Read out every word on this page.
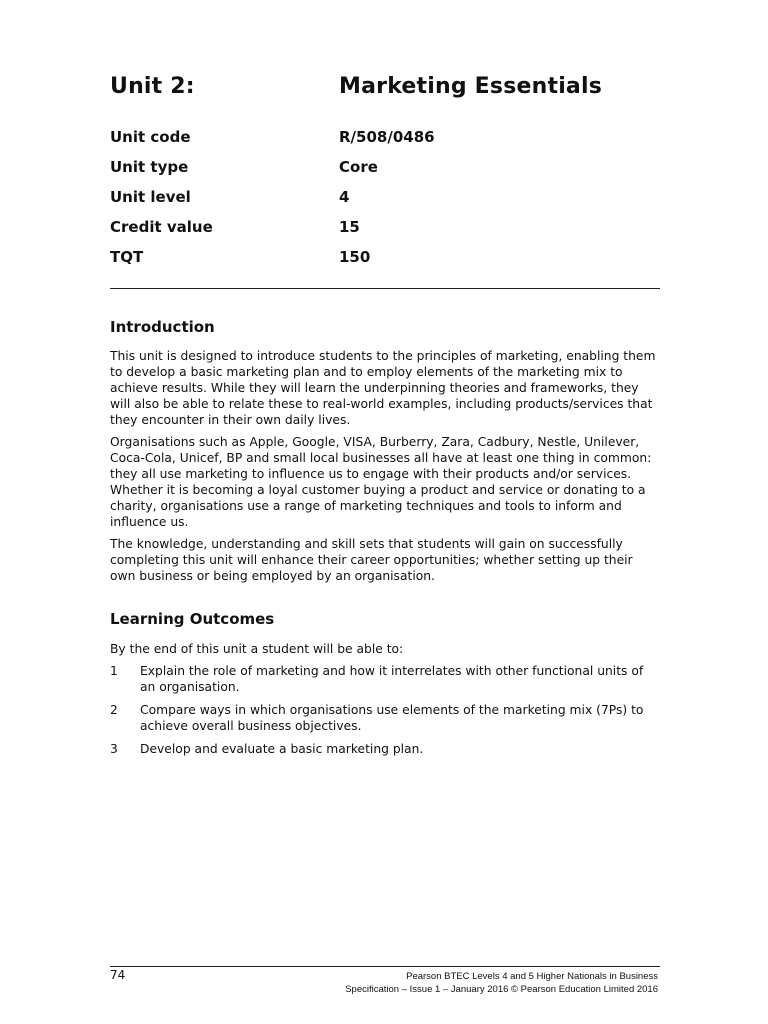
Unit 2:	Marketing Essentials
Unit code	R/508/0486
Unit type	Core
Unit level	4
Credit value	15
TQT	150
Introduction

This unit is designed to introduce students to the principles of marketing, enabling them to develop a basic marketing plan and to employ elements of the marketing mix to achieve results. While they will learn the underpinning theories and frameworks, they will also be able to relate these to real-world examples, including products/services that they encounter in their own daily lives.

Organisations such as Apple, Google, VISA, Burberry, Zara, Cadbury, Nestle, Unilever, Coca-Cola, Unicef, BP and small local businesses all have at least one thing in common: they all use marketing to influence us to engage with their products and/or services. Whether it is becoming a loyal customer buying a product and service or donating to a charity, organisations use a range of marketing techniques and tools to inform and influence us.

The knowledge, understanding and skill sets that students will gain on successfully completing this unit will enhance their career opportunities; whether setting up their own business or being employed by an organisation.

Learning Outcomes

By the end of this unit a student will be able to:

1 Explain the role of marketing and how it interrelates with other functional units of an organisation.
2 Compare ways in which organisations use elements of the marketing mix (7Ps) to achieve overall business objectives.
3 Develop and evaluate a basic marketing plan.
74	Pearson BTEC Levels 4 and 5 Higher Nationals in Business
Specification – Issue 1 – January 2016 © Pearson Education Limited 2016
